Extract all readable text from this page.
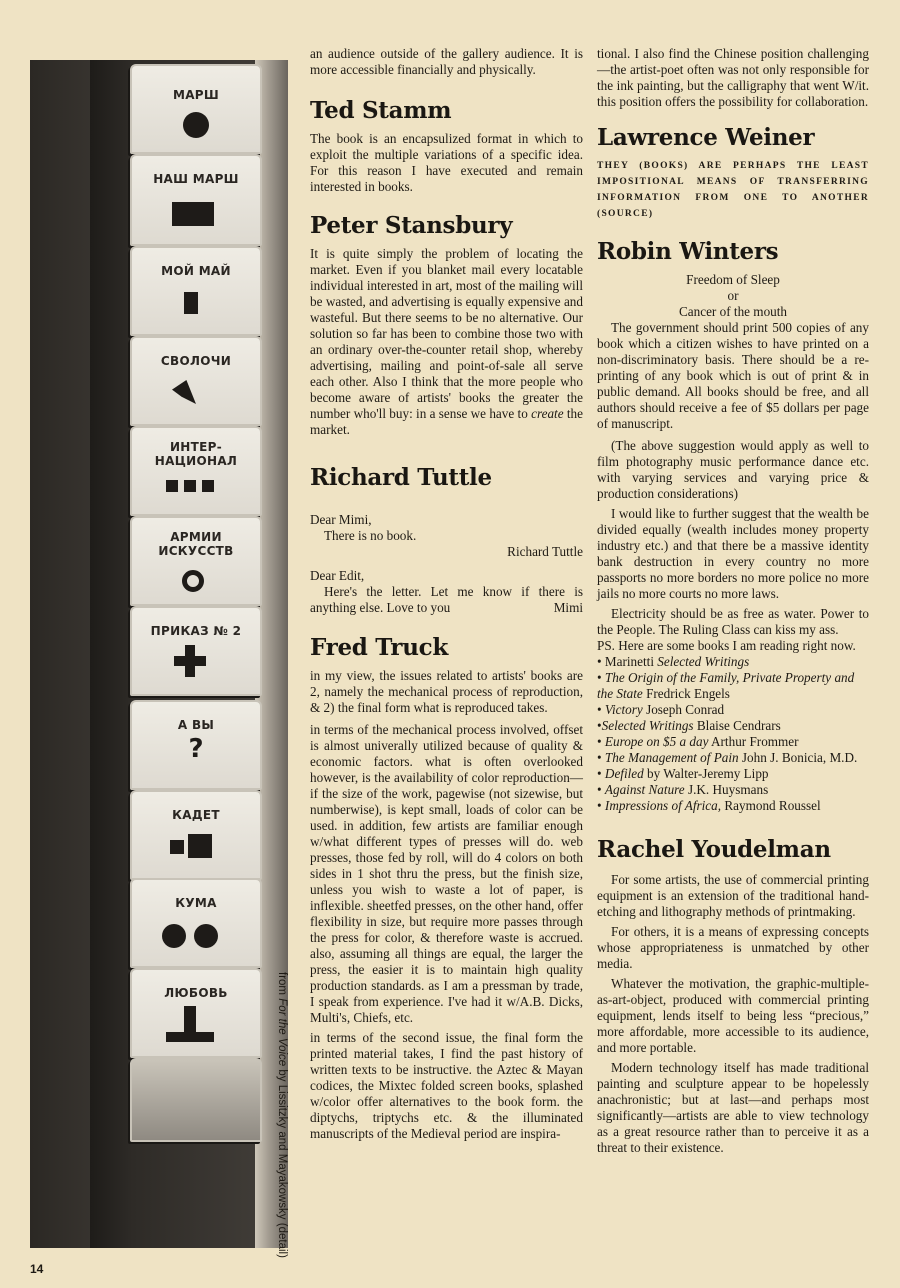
МАРШ
НАШ МАРШ
МОЙ МАЙ
СВОЛОЧИ
ИНТЕР-
НАЦИОНАЛ
АРМИИ
ИСКУССТВ
ПРИКАЗ № 2
А ВЫ
?
КАДЕТ
КУМА
ЛЮБОВЬ	from For the Voice by Lissitzky and Mayakowsky (detail)
14

an audience outside of the gallery audience. It is more accessible financially and physically.

Ted Stamm

The book is an encapsulized format in which to exploit the multiple variations of a specific idea. For this reason I have executed and remain interested in books.

Peter Stansbury

It is quite simply the problem of locating the market. Even if you blanket mail every locatable individual interested in art, most of the mailing will be wasted, and advertising is equally expensive and wasteful. But there seems to be no alternative. Our solution so far has been to combine those two with an ordinary over-the-counter retail shop, whereby advertising, mailing and point-of-sale all serve each other. Also I think that the more people who become aware of artists' books the greater the number who'll buy: in a sense we have to create the market.

Richard Tuttle

Dear Mimi,

There is no book.

Richard Tuttle

Dear Edit,

Here's the letter. Let me know if there is anything else. Love to you	Mimi

Fred Truck

in my view, the issues related to artists' books are 2, namely the mechanical process of reproduction, & 2) the final form what is reproduced takes.

in terms of the mechanical process involved, offset is almost univerally utilized because of quality & economic factors. what is often overlooked however, is the availability of color reproduction—if the size of the work, pagewise (not sizewise, but numberwise), is kept small, loads of color can be used. in addition, few artists are familiar enough w/what different types of presses will do. web presses, those fed by roll, will do 4 colors on both sides in 1 shot thru the press, but the finish size, unless you wish to waste a lot of paper, is inflexible. sheetfed presses, on the other hand, offer flexibility in size, but require more passes through the press for color, & therefore waste is accrued. also, assuming all things are equal, the larger the press, the easier it is to maintain high quality production standards. as I am a pressman by trade, I speak from experience. I've had it w/A.B. Dicks, Multi's, Chiefs, etc.

in terms of the second issue, the final form the printed material takes, I find the past history of written texts to be instructive. the Aztec & Mayan codices, the Mixtec folded screen books, splashed w/color offer alternatives to the book form. the diptychs, triptychs etc. & the illuminated manuscripts of the Medieval period are inspira-

tional. I also find the Chinese position challenging—the artist-poet often was not only responsible for the ink painting, but the calligraphy that went W/it. this position offers the possibility for collaboration.

Lawrence Weiner

THEY (BOOKS) ARE PERHAPS THE LEAST IMPOSITIONAL MEANS OF TRANSFERRING INFORMATION FROM ONE TO ANOTHER (SOURCE)

Robin Winters

Freedom of Sleep

or

Cancer of the mouth

The government should print 500 copies of any book which a citizen wishes to have printed on a non-discriminatory basis. There should be a re-printing of any book which is out of print & in public demand. All books should be free, and all authors should receive a fee of $5 dollars per page of manuscript.

(The above suggestion would apply as well to film photography music performance dance etc. with varying services and varying price & production considerations)

I would like to further suggest that the wealth be divided equally (wealth includes money property industry etc.) and that there be a massive identity bank destruction in every country no more passports no more borders no more police no more jails no more courts no more laws.

Electricity should be as free as water. Power to the People. The Ruling Class can kiss my ass.

PS. Here are some books I am reading right now.

• Marinetti Selected Writings

• The Origin of the Family, Private Property and the State Fredrick Engels

• Victory Joseph Conrad

•Selected Writings Blaise Cendrars

• Europe on $5 a day Arthur Frommer

• The Management of Pain John J. Bonicia, M.D.

• Defiled by Walter-Jeremy Lipp

• Against Nature J.K. Huysmans

• Impressions of Africa, Raymond Roussel

Rachel Youdelman

For some artists, the use of commercial printing equipment is an extension of the traditional hand-etching and lithography methods of printmaking.

For others, it is a means of expressing concepts whose appropriateness is unmatched by other media.

Whatever the motivation, the graphic-multiple-as-art-object, produced with commercial printing equipment, lends itself to being less “precious,” more affordable, more accessible to its audience, and more portable.

Modern technology itself has made traditional painting and sculpture appear to be hopelessly anachronistic; but at last—and perhaps most significantly—artists are able to view technology as a great resource rather than to perceive it as a threat to their existence.
